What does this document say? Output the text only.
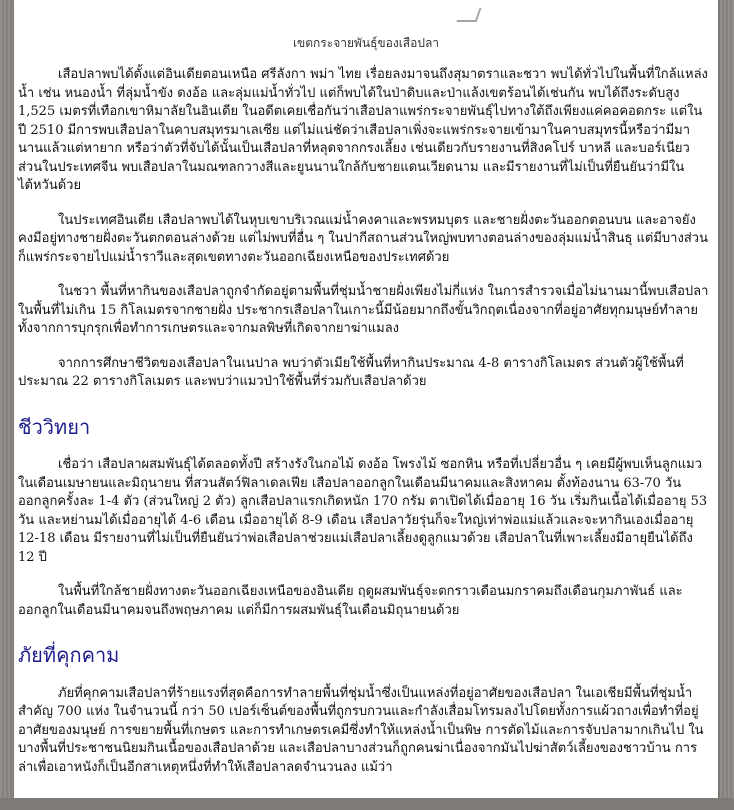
เขตกระจายพันธุ์ของเสือปลา

เสือปลาพบได้ตั้งแต่อินเดียตอนเหนือ ศรีลังกา พม่า ไทย เรื่อยลงมาจนถึงสุมาตราและชวา พบได้ทั่วไปในพื้นที่ใกล้แหล่งน้ำ เช่น หนองน้ำ ที่ลุ่มน้ำขัง ดงอ้อ และลุ่มแม่น้ำทั่วไป แต่ก็พบได้ในป่าดิบและป่าแล้งเขตร้อนได้เช่นกัน พบได้ถึงระดับสูง 1,525 เมตรที่เทือกเขาหิมาลัยในอินเดีย ในอดีตเคยเชื่อกันว่าเสือปลาแพร่กระจายพันธุ์ไปทางใต้ถึงเพียงแค่คอคอดกระ แต่ในปี 2510 มีการพบเสือปลาในคาบสมุทรมาเลเซีย แต่ไม่แน่ชัดว่าเสือปลาเพิ่งจะแพร่กระจายเข้ามาในคาบสมุทรนี้หรือว่ามีมานานแล้วแต่หายาก หรือว่าตัวที่จับได้นั้นเป็นเสือปลาที่หลุดจากกรงเลี้ยง เช่นเดียวกับรายงานที่สิงคโปร์ บาหลี และบอร์เนียว ส่วนในประเทศจีน พบเสือปลาในมณฑลกวางสีและยูนนานใกล้กับชายแดนเวียดนาม และมีรายงานที่ไม่เป็นที่ยืนยันว่ามีในไต้หวันด้วย

ในประเทศอินเดีย เสือปลาพบได้ในหุบเขาบริเวณแม่น้ำคงคาและพรหมบุตร และชายฝั่งตะวันออกตอนบน และอาจยังคงมีอยู่ทางชายฝั่งตะวันตกตอนล่างด้วย แต่ไม่พบที่อื่น ๆ ในปากีสถานส่วนใหญ่พบทางตอนล่างของลุ่มแม่น้ำสินธุ แต่มีบางส่วนก็แพร่กระจายไปแม่น้ำราวีและสุดเขตทางตะวันออกเฉียงเหนือของประเทศด้วย

ในชวา พื้นที่หากินของเสือปลาถูกจำกัดอยู่ตามพื้นที่ชุ่มน้ำชายฝั่งเพียงไม่กี่แห่ง ในการสำรวจเมื่อไม่นานมานี้พบเสือปลาในพื้นที่ไม่เกิน 15 กิโลเมตรจากชายฝั่ง ประชากรเสือปลาในเกาะนี้มีน้อยมากถึงขั้นวิกฤตเนื่องจากที่อยู่อาศัยทุกมนุษย์ทำลาย ทั้งจากการบุกรุกเพื่อทำการเกษตรและจากมลพิษที่เกิดจากยาฆ่าแมลง

จากการศึกษาชีวิตของเสือปลาในเนปาล พบว่าตัวเมียใช้พื้นที่หากินประมาณ 4-8 ตารางกิโลเมตร ส่วนตัวผู้ใช้พื้นที่ประมาณ 22 ตารางกิโลเมตร และพบว่าแมวป่าใช้พื้นที่ร่วมกับเสือปลาด้วย

ชีววิทยา

เชื่อว่า เสือปลาผสมพันธุ์ได้ตลอดทั้งปี สร้างรังในกอไม้ ดงอ้อ โพรงไม้ ซอกหิน หรือที่เปลี่ยวอื่น ๆ เคยมีผู้พบเห็นลูกแมวในเดือนเมษายนและมิถุนายน ที่สวนสัตว์ฟิลาเดลเฟีย เสือปลาออกลูกในเดือนมีนาคมและสิงหาคม ตั้งท้องนาน 63-70 วัน ออกลูกครั้งละ 1-4 ตัว (ส่วนใหญ่ 2 ตัว) ลูกเสือปลาแรกเกิดหนัก 170 กรัม ตาเปิดได้เมื่ออายุ 16 วัน เริ่มกินเนื้อได้เมื่ออายุ 53 วัน และหย่านมได้เมื่ออายุได้ 4-6 เดือน เมื่ออายุได้ 8-9 เดือน เสือปลาวัยรุ่นก็จะใหญ่เท่าพ่อแม่แล้วและจะหากินเองเมื่ออายุ 12-18 เดือน มีรายงานที่ไม่เป็นที่ยืนยันว่าพ่อเสือปลาช่วยแม่เสือปลาเลี้ยงดูลูกแมวด้วย เสือปลาในที่เพาะเลี้ยงมีอายุยืนได้ถึง 12 ปี

ในพื้นที่ใกล้ชายฝั่งทางตะวันออกเฉียงเหนือของอินเดีย ฤดูผสมพันธุ์จะตกราวเดือนมกราคมถึงเดือนกุมภาพันธ์ และออกลูกในเดือนมีนาคมจนถึงพฤษภาคม แต่ก็มีการผสมพันธุ์ในเดือนมิถุนายนด้วย

ภัยที่คุกคาม

ภัยที่คุกคามเสือปลาที่ร้ายแรงที่สุดคือการทำลายพื้นที่ชุ่มน้ำซึ่งเป็นแหล่งที่อยู่อาศัยของเสือปลา ในเอเชียมีพื้นที่ชุ่มน้ำสำคัญ 700 แห่ง ในจำนวนนี้ กว่า 50 เปอร์เซ็นต์ของพื้นที่ถูกรบกวนและกำลังเสื่อมโทรมลงไปโดยทั้งการแผ้วถางเพื่อทำที่อยู่อาศัยของมนุษย์ การขยายพื้นที่เกษตร และการทำเกษตรเคมีซึ่งทำให้แหล่งน้ำเป็นพิษ การตัดไม้และการจับปลามากเกินไป ในบางพื้นที่ประชาชนนิยมกินเนื้อของเสือปลาด้วย และเสือปลาบางส่วนก็ถูกคนฆ่าเนื่องจากมันไปฆ่าสัตว์เลี้ยงของชาวบ้าน การล่าเพื่อเอาหนังก็เป็นอีกสาเหตุหนึ่งที่ทำให้เสือปลาลดจำนวนลง แม้ว่า
